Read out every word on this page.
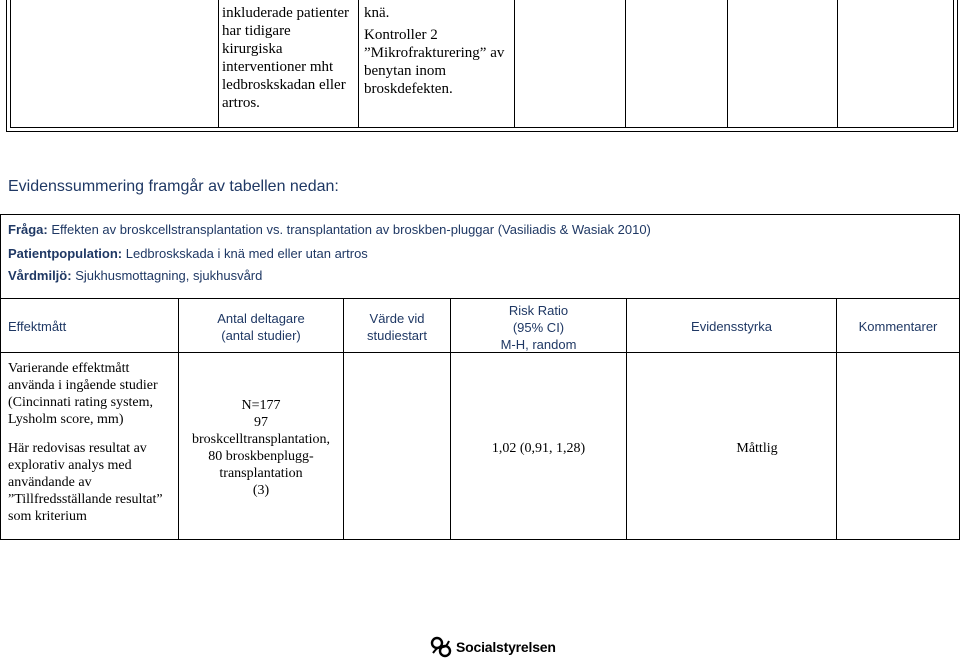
inkluderade patienter
har tidigare
kirurgiska
interventioner mht
ledbroskskadan eller
artros.
knä.
Kontroller 2
”Mikrofrakturering” av
benytan inom
broskdefekten.
Evidenssummering framgår av tabellen nedan:
Fråga: Effekten av broskcellstransplantation vs. transplantation av broskben-pluggar (Vasiliadis & Wasiak 2010)
Patientpopulation: Ledbroskskada i knä med eller utan artros
Vårdmiljö: Sjukhusmottagning, sjukhusvård
Effektmått
Antal deltagare
(antal studier)
Värde vid
studiestart
Risk Ratio
(95% CI)
M-H, random
Evidensstyrka	Kommentarer
Varierande effektmått
använda i ingående studier
(Cincinnati rating system,
Lysholm score, mm)
Här redovisas resultat av
explorativ analys med
användande av
”Tillfredsställande resultat”
som kriterium
N=177
97
broskcelltransplantation,
80 broskbenplugg-
transplantation
(3)
1,02 (0,91, 1,28)	Måttlig
Socialstyrelsen
